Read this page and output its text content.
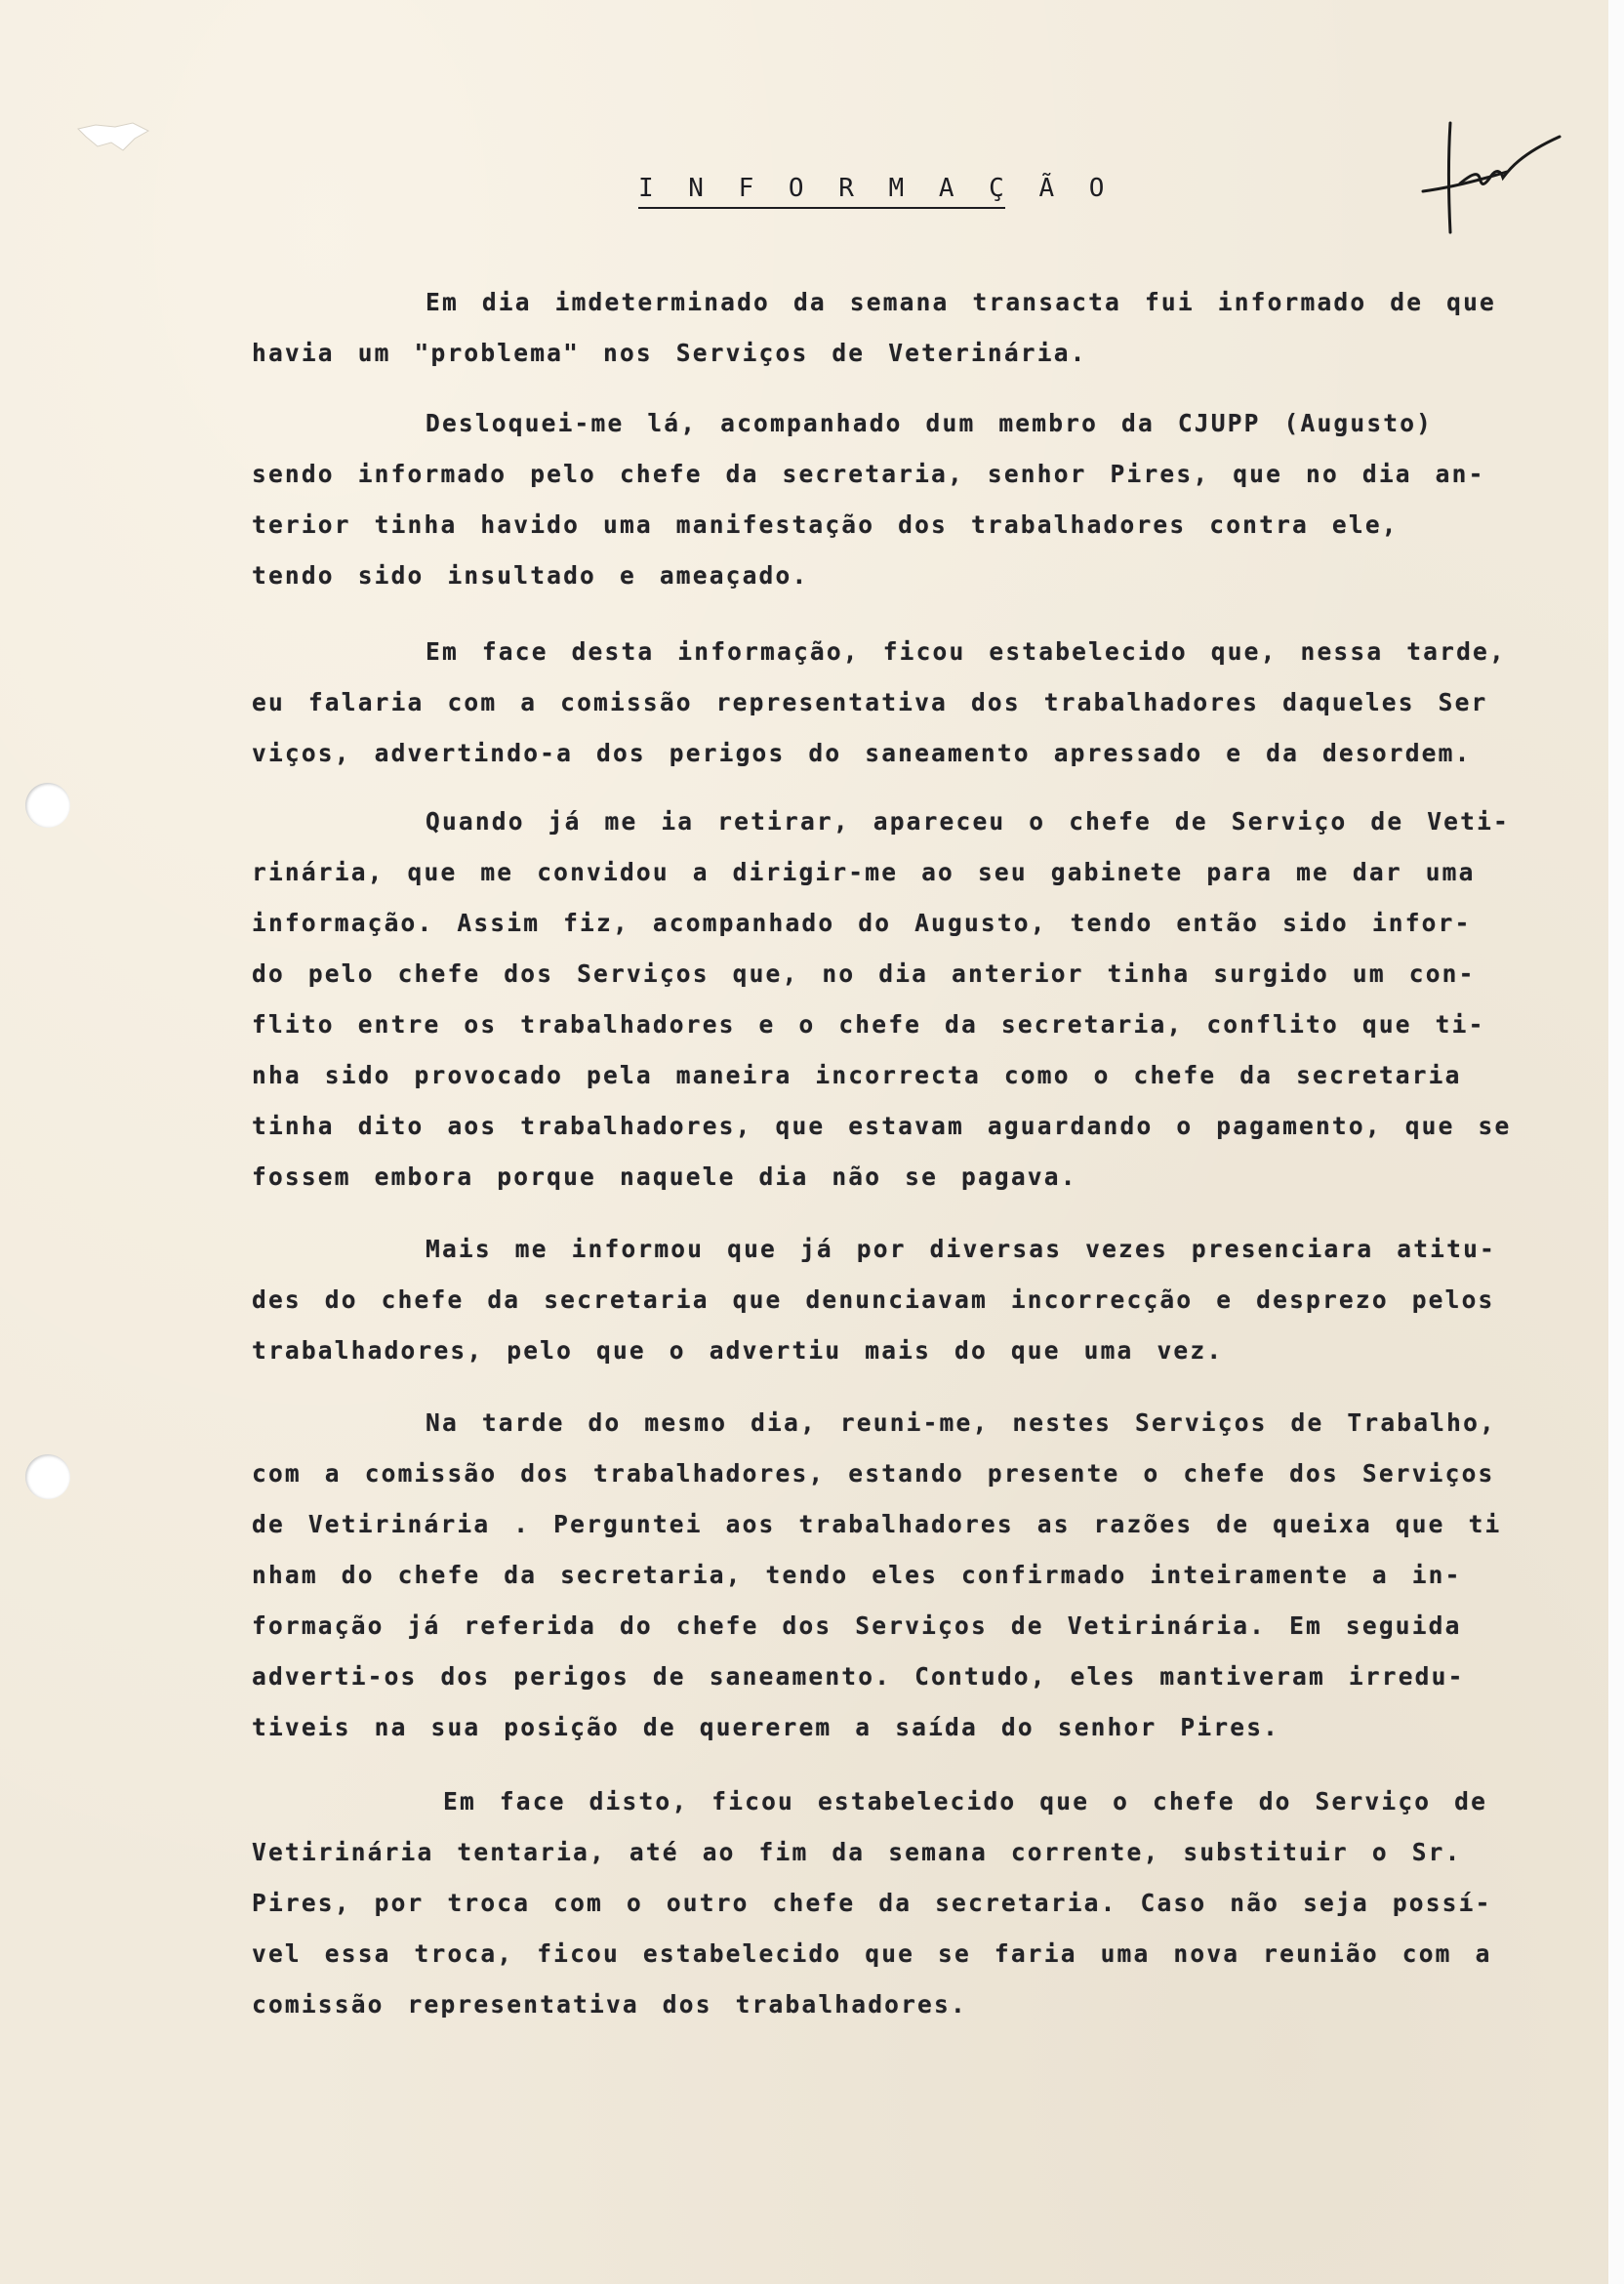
I N F O R M A Ç Ã O
Em dia imdeterminado da semana transacta fui informado de que
havia um "problema" nos Serviços de Veterinária.
Desloquei-me lá, acompanhado dum membro da CJUPP (Augusto)
sendo informado pelo chefe da secretaria, senhor Pires, que no dia an-
terior tinha havido uma manifestação dos trabalhadores contra ele,
tendo sido insultado e ameaçado.
Em face desta informação, ficou estabelecido que, nessa tarde,
eu falaria com a comissão representativa dos trabalhadores daqueles Ser
viços, advertindo-a dos perigos do saneamento apressado e da desordem.
Quando já me ia retirar, apareceu o chefe de Serviço de Veti-
rinária, que me convidou a dirigir-me ao seu gabinete para me dar uma
informação. Assim fiz, acompanhado do Augusto, tendo então sido infor-
do pelo chefe dos Serviços que, no dia anterior tinha surgido um con-
flito entre os trabalhadores e o chefe da secretaria, conflito que ti-
nha sido provocado pela maneira incorrecta como o chefe da secretaria
tinha dito aos trabalhadores, que estavam aguardando o pagamento, que se
fossem embora porque naquele dia não se pagava.
Mais me informou que já por diversas vezes presenciara atitu-
des do chefe da secretaria que denunciavam incorrecção e desprezo pelos
trabalhadores, pelo que o advertiu mais do que uma vez.
Na tarde do mesmo dia, reuni-me, nestes Serviços de Trabalho,
com a comissão dos trabalhadores, estando presente o chefe dos Serviços
de Vetirinária . Perguntei aos trabalhadores as razões de queixa que ti
nham do chefe da secretaria, tendo eles confirmado inteiramente a in-
formação já referida do chefe dos Serviços de Vetirinária. Em seguida
adverti-os dos perigos de saneamento. Contudo, eles mantiveram irredu-
tiveis na sua posição de quererem a saída do senhor Pires.
Em face disto, ficou estabelecido que o chefe do Serviço de
Vetirinária tentaria, até ao fim da semana corrente, substituir o Sr.
Pires, por troca com o outro chefe da secretaria. Caso não seja possí-
vel essa troca, ficou estabelecido que se faria uma nova reunião com a
comissão representativa dos trabalhadores.
